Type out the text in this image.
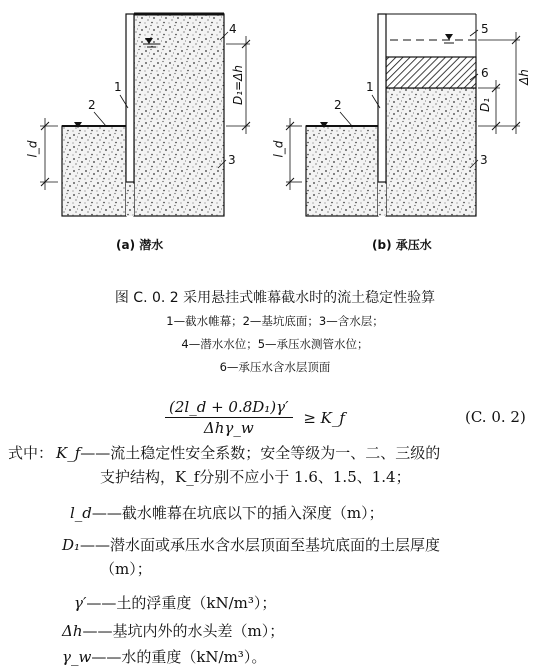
1
2
3
4
l_d
D₁=Δh
(a) 潜水
1
2
3
5
6
l_d
D₁
Δh
(b) 承压水
图 C. 0. 2 采用悬挂式帷幕截水时的流土稳定性验算
1—截水帷幕；2—基坑底面；3—含水层；
4—潜水水位；5—承压水测管水位；
6—承压水含水层顶面
$\frac{\text{(2l\_d + 0.8D₁)γ′}}{\text{Δhγ\_w}}$ ≥ K_f	(C. 0. 2)
式中： K_f——流土稳定性安全系数；安全等级为一、二、三级的
支护结构，K_f分别不应小于 1.6、1.5、1.4；
l_d——截水帷幕在坑底以下的插入深度（m）；
D₁——潜水面或承压水含水层顶面至基坑底面的土层厚度
（m）；
γ′——土的浮重度（kN/m³）；
Δh——基坑内外的水头差（m）；
γ_w——水的重度（kN/m³）。
